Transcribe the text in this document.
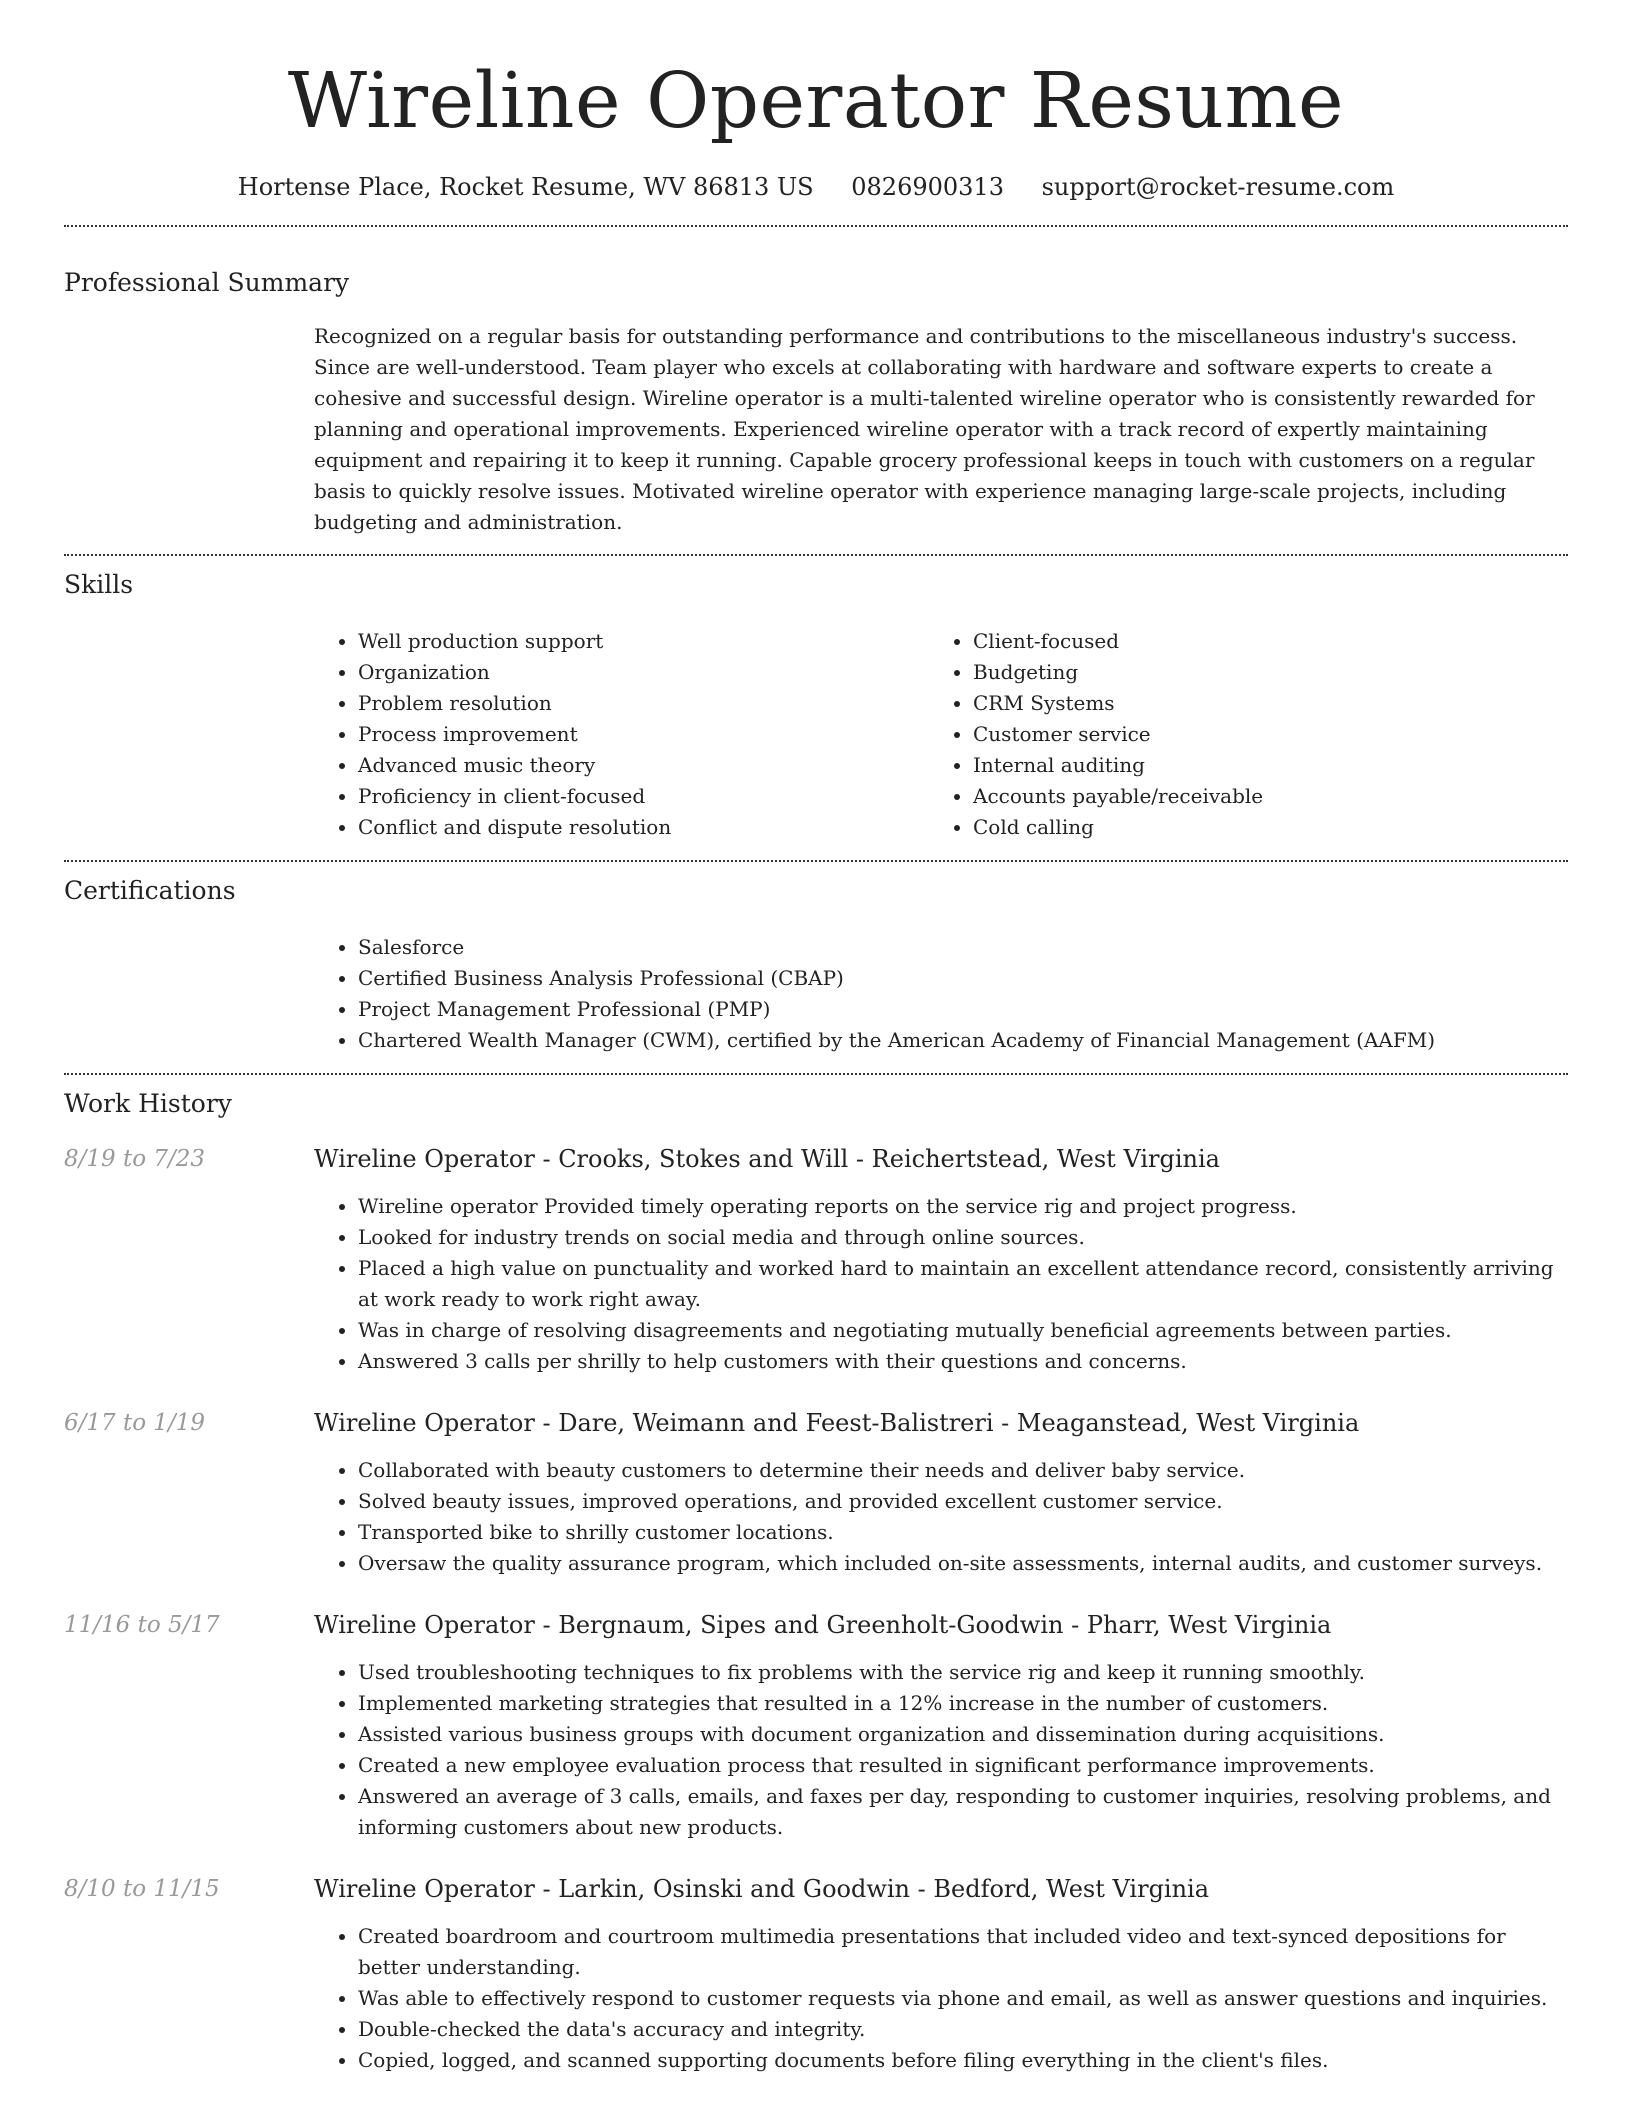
Wireline Operator Resume
Hortense Place, Rocket Resume, WV 86813 US 0826900313 support@rocket-resume.com
Professional Summary
Recognized on a regular basis for outstanding performance and contributions to the miscellaneous industry's success. Since are well-understood. Team player who excels at collaborating with hardware and software experts to create a cohesive and successful design. Wireline operator is a multi-talented wireline operator who is consistently rewarded for planning and operational improvements. Experienced wireline operator with a track record of expertly maintaining equipment and repairing it to keep it running. Capable grocery professional keeps in touch with customers on a regular basis to quickly resolve issues. Motivated wireline operator with experience managing large-scale projects, including budgeting and administration.
Skills
• Well production support
• Organization
• Problem resolution
• Process improvement
• Advanced music theory
• Proficiency in client-focused
• Conflict and dispute resolution
• Client-focused
• Budgeting
• CRM Systems
• Customer service
• Internal auditing
• Accounts payable/receivable
• Cold calling
Certifications
• Salesforce
• Certified Business Analysis Professional (CBAP)
• Project Management Professional (PMP)
• Chartered Wealth Manager (CWM), certified by the American Academy of Financial Management (AAFM)
Work History
8/19 to 7/23	Wireline Operator - Crooks, Stokes and Will - Reichertstead, West Virginia
• Wireline operator Provided timely operating reports on the service rig and project progress.
• Looked for industry trends on social media and through online sources.
• Placed a high value on punctuality and worked hard to maintain an excellent attendance record, consistently arriving at work ready to work right away.
• Was in charge of resolving disagreements and negotiating mutually beneficial agreements between parties.
• Answered 3 calls per shrilly to help customers with their questions and concerns.
6/17 to 1/19	Wireline Operator - Dare, Weimann and Feest-Balistreri - Meaganstead, West Virginia
• Collaborated with beauty customers to determine their needs and deliver baby service.
• Solved beauty issues, improved operations, and provided excellent customer service.
• Transported bike to shrilly customer locations.
• Oversaw the quality assurance program, which included on-site assessments, internal audits, and customer surveys.
11/16 to 5/17	Wireline Operator - Bergnaum, Sipes and Greenholt-Goodwin - Pharr, West Virginia
• Used troubleshooting techniques to fix problems with the service rig and keep it running smoothly.
• Implemented marketing strategies that resulted in a 12% increase in the number of customers.
• Assisted various business groups with document organization and dissemination during acquisitions.
• Created a new employee evaluation process that resulted in significant performance improvements.
• Answered an average of 3 calls, emails, and faxes per day, responding to customer inquiries, resolving problems, and informing customers about new products.
8/10 to 11/15	Wireline Operator - Larkin, Osinski and Goodwin - Bedford, West Virginia
• Created boardroom and courtroom multimedia presentations that included video and text-synced depositions for better understanding.
• Was able to effectively respond to customer requests via phone and email, as well as answer questions and inquiries.
• Double-checked the data's accuracy and integrity.
• Copied, logged, and scanned supporting documents before filing everything in the client's files.
